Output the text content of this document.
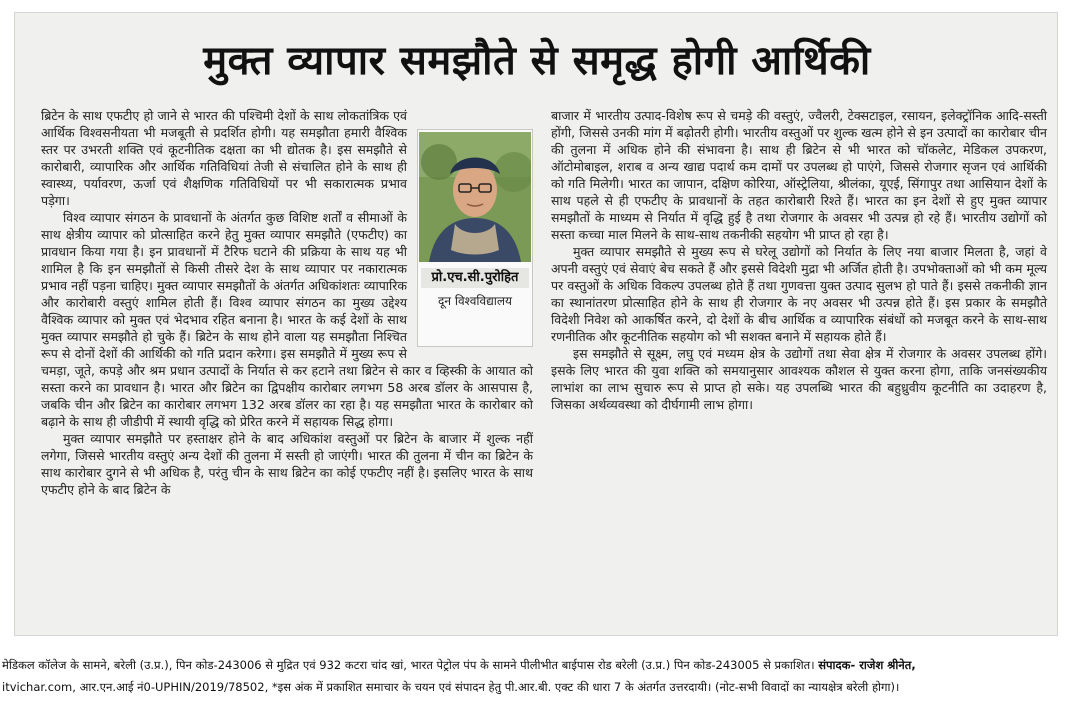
मुक्त व्यापार समझौते से समृद्ध होगी आर्थिकी
प्रो.एच.सी.पुरोहित
दून विश्वविद्यालय

ब्रिटेन के साथ एफटीए हो जाने से भारत की पश्चिमी देशों के साथ लोकतांत्रिक एवं आर्थिक विश्वसनीयता भी मजबूती से प्रदर्शित होगी। यह समझौता हमारी वैश्विक स्तर पर उभरती शक्ति एवं कूटनीतिक दक्षता का भी द्योतक है। इस समझौते से कारोबारी, व्यापारिक और आर्थिक गतिविधियां तेजी से संचालित होने के साथ ही स्वास्थ्य, पर्यावरण, ऊर्जा एवं शैक्षणिक गतिविधियों पर भी सकारात्मक प्रभाव पड़ेगा।

विश्व व्यापार संगठन के प्रावधानों के अंतर्गत कुछ विशिष्ट शर्तों व सीमाओं के साथ क्षेत्रीय व्यापार को प्रोत्साहित करने हेतु मुक्त व्यापार समझौते (एफटीए) का प्रावधान किया गया है। इन प्रावधानों में टैरिफ घटाने की प्रक्रिया के साथ यह भी शामिल है कि इन समझौतों से किसी तीसरे देश के साथ व्यापार पर नकारात्मक प्रभाव नहीं पड़ना चाहिए। मुक्त व्यापार समझौतों के अंतर्गत अधिकांशतः व्यापारिक और कारोबारी वस्तुएं शामिल होती हैं। विश्व व्यापार संगठन का मुख्य उद्देश्य वैश्विक व्यापार को मुक्त एवं भेदभाव रहित बनाना है। भारत के कई देशों के साथ मुक्त व्यापार समझौते हो चुके हैं। ब्रिटेन के साथ होने वाला यह समझौता निश्चित रूप से दोनों देशों की आर्थिकी को गति प्रदान करेगा। इस समझौते में मुख्य रूप से चमड़ा, जूते, कपड़े और श्रम प्रधान उत्पादों के निर्यात से कर हटाने तथा ब्रिटेन से कार व व्हिस्की के आयात को सस्ता करने का प्रावधान है। भारत और ब्रिटेन का द्विपक्षीय कारोबार लगभग 58 अरब डॉलर के आसपास है, जबकि चीन और ब्रिटेन का कारोबार लगभग 132 अरब डॉलर का रहा है। यह समझौता भारत के कारोबार को बढ़ाने के साथ ही जीडीपी में स्थायी वृद्धि को प्रेरित करने में सहायक सिद्ध होगा।

मुक्त व्यापार समझौते पर हस्ताक्षर होने के बाद अधिकांश वस्तुओं पर ब्रिटेन के बाजार में शुल्क नहीं लगेगा, जिससे भारतीय वस्तुएं अन्य देशों की तुलना में सस्ती हो जाएंगी। भारत की तुलना में चीन का ब्रिटेन के साथ कारोबार दुगने से भी अधिक है, परंतु चीन के साथ ब्रिटेन का कोई एफटीए नहीं है। इसलिए भारत के साथ एफटीए होने के बाद ब्रिटेन के

बाजार में भारतीय उत्पाद-विशेष रूप से चमड़े की वस्तुएं, ज्वैलरी, टेक्सटाइल, रसायन, इलेक्ट्रॉनिक आदि-सस्ती होंगी, जिससे उनकी मांग में बढ़ोतरी होगी। भारतीय वस्तुओं पर शुल्क खत्म होने से इन उत्पादों का कारोबार चीन की तुलना में अधिक होने की संभावना है। साथ ही ब्रिटेन से भी भारत को चॉकलेट, मेडिकल उपकरण, ऑटोमोबाइल, शराब व अन्य खाद्य पदार्थ कम दामों पर उपलब्ध हो पाएंगे, जिससे रोजगार सृजन एवं आर्थिकी को गति मिलेगी। भारत का जापान, दक्षिण कोरिया, ऑस्ट्रेलिया, श्रीलंका, यूएई, सिंगापुर तथा आसियान देशों के साथ पहले से ही एफटीए के प्रावधानों के तहत कारोबारी रिश्ते हैं। भारत का इन देशों से हुए मुक्त व्यापार समझौतों के माध्यम से निर्यात में वृद्धि हुई है तथा रोजगार के अवसर भी उत्पन्न हो रहे हैं। भारतीय उद्योगों को सस्ता कच्चा माल मिलने के साथ-साथ तकनीकी सहयोग भी प्राप्त हो रहा है।

मुक्त व्यापार समझौते से मुख्य रूप से घरेलू उद्योगों को निर्यात के लिए नया बाजार मिलता है, जहां वे अपनी वस्तुएं एवं सेवाएं बेच सकते हैं और इससे विदेशी मुद्रा भी अर्जित होती है। उपभोक्ताओं को भी कम मूल्य पर वस्तुओं के अधिक विकल्प उपलब्ध होते हैं तथा गुणवत्ता युक्त उत्पाद सुलभ हो पाते हैं। इससे तकनीकी ज्ञान का स्थानांतरण प्रोत्साहित होने के साथ ही रोजगार के नए अवसर भी उत्पन्न होते हैं। इस प्रकार के समझौते विदेशी निवेश को आकर्षित करने, दो देशों के बीच आर्थिक व व्यापारिक संबंधों को मजबूत करने के साथ-साथ रणनीतिक और कूटनीतिक सहयोग को भी सशक्त बनाने में सहायक होते हैं।

इस समझौते से सूक्ष्म, लघु एवं मध्यम क्षेत्र के उद्योगों तथा सेवा क्षेत्र में रोजगार के अवसर उपलब्ध होंगे। इसके लिए भारत की युवा शक्ति को समयानुसार आवश्यक कौशल से युक्त करना होगा, ताकि जनसंख्यकीय लाभांश का लाभ सुचारु रूप से प्राप्त हो सके। यह उपलब्धि भारत की बहुध्रुवीय कूटनीति का उदाहरण है, जिसका अर्थव्यवस्था को दीर्घगामी लाभ होगा।

मेडिकल कॉलेज के सामने, बरेली (उ.प्र.), पिन कोड-243006 से मुद्रित एवं 932 कटरा चांद खां, भारत पेट्रोल पंप के सामने पीलीभीत बाईपास रोड बरेली (उ.प्र.) पिन कोड-243005 से प्रकाशित। संपादक- राजेश श्रीनेत,
itvichar.com, आर.एन.आई नं0-UPHIN/2019/78502, *इस अंक में प्रकाशित समाचार के चयन एवं संपादन हेतु पी.आर.बी. एक्ट की धारा 7 के अंतर्गत उत्तरदायी। (नोट-सभी विवादों का न्यायक्षेत्र बरेली होगा)।
